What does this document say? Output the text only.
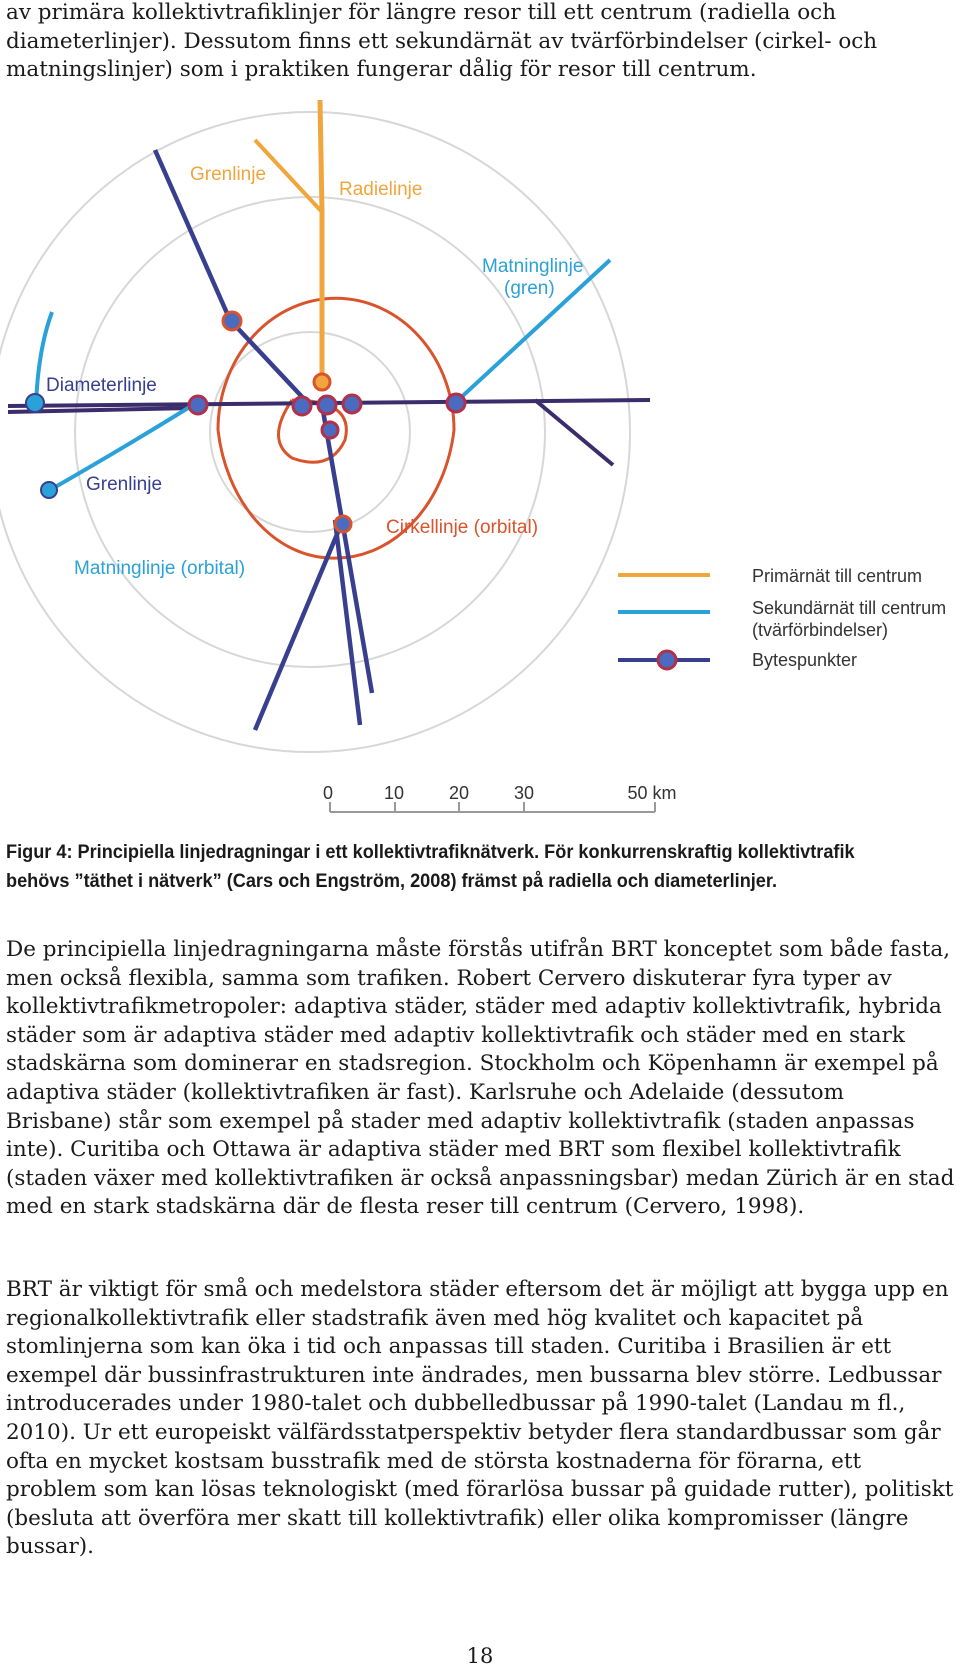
av primära kollektivtrafiklinjer för längre resor till ett centrum (radiella och diameterlinjer). Dessutom finns ett sekundärnät av tvärförbindelser (cirkel- och matningslinjer) som i praktiken fungerar dålig för resor till centrum.

Grenlinje
Radielinje
Matninglinje
(gren)
Diameterlinje
Grenlinje
Cirkellinje (orbital)
Matninglinje (orbital)	Primärnät till centrum
Sekundärnät till centrum
(tvärförbindelser)
Bytespunkter
0	10 20 30	50 km
Figur 4: Principiella linjedragningar i ett kollektivtrafiknätverk. För konkurrenskraftig kollektivtrafik behövs ”täthet i nätverk” (Cars och Engström, 2008) främst på radiella och diameterlinjer.

De principiella linjedragningarna måste förstås utifrån BRT konceptet som både fasta, men också flexibla, samma som trafiken. Robert Cervero diskuterar fyra typer av kollektivtrafikmetropoler: adaptiva städer, städer med adaptiv kollektivtrafik, hybrida städer som är adaptiva städer med adaptiv kollektivtrafik och städer med en stark stadskärna som dominerar en stadsregion. Stockholm och Köpenhamn är exempel på adaptiva städer (kollektivtrafiken är fast). Karlsruhe och Adelaide (dessutom Brisbane) står som exempel på stader med adaptiv kollektivtrafik (staden anpassas inte). Curitiba och Ottawa är adaptiva städer med BRT som flexibel kollektivtrafik (staden växer med kollektivtrafiken är också anpassningsbar) medan Zürich är en stad med en stark stadskärna där de flesta reser till centrum (Cervero, 1998).

BRT är viktigt för små och medelstora städer eftersom det är möjligt att bygga upp en regionalkollektivtrafik eller stadstrafik även med hög kvalitet och kapacitet på stomlinjerna som kan öka i tid och anpassas till staden. Curitiba i Brasilien är ett exempel där bussinfrastrukturen inte ändrades, men bussarna blev större. Ledbussar introducerades under 1980-talet och dubbelledbussar på 1990-talet (Landau m fl., 2010). Ur ett europeiskt välfärdsstatperspektiv betyder flera standardbussar som går ofta en mycket kostsam busstrafik med de största kostnaderna för förarna, ett problem som kan lösas teknologiskt (med förarlösa bussar på guidade rutter), politiskt (besluta att överföra mer skatt till kollektivtrafik) eller olika kompromisser (längre bussar).

18
